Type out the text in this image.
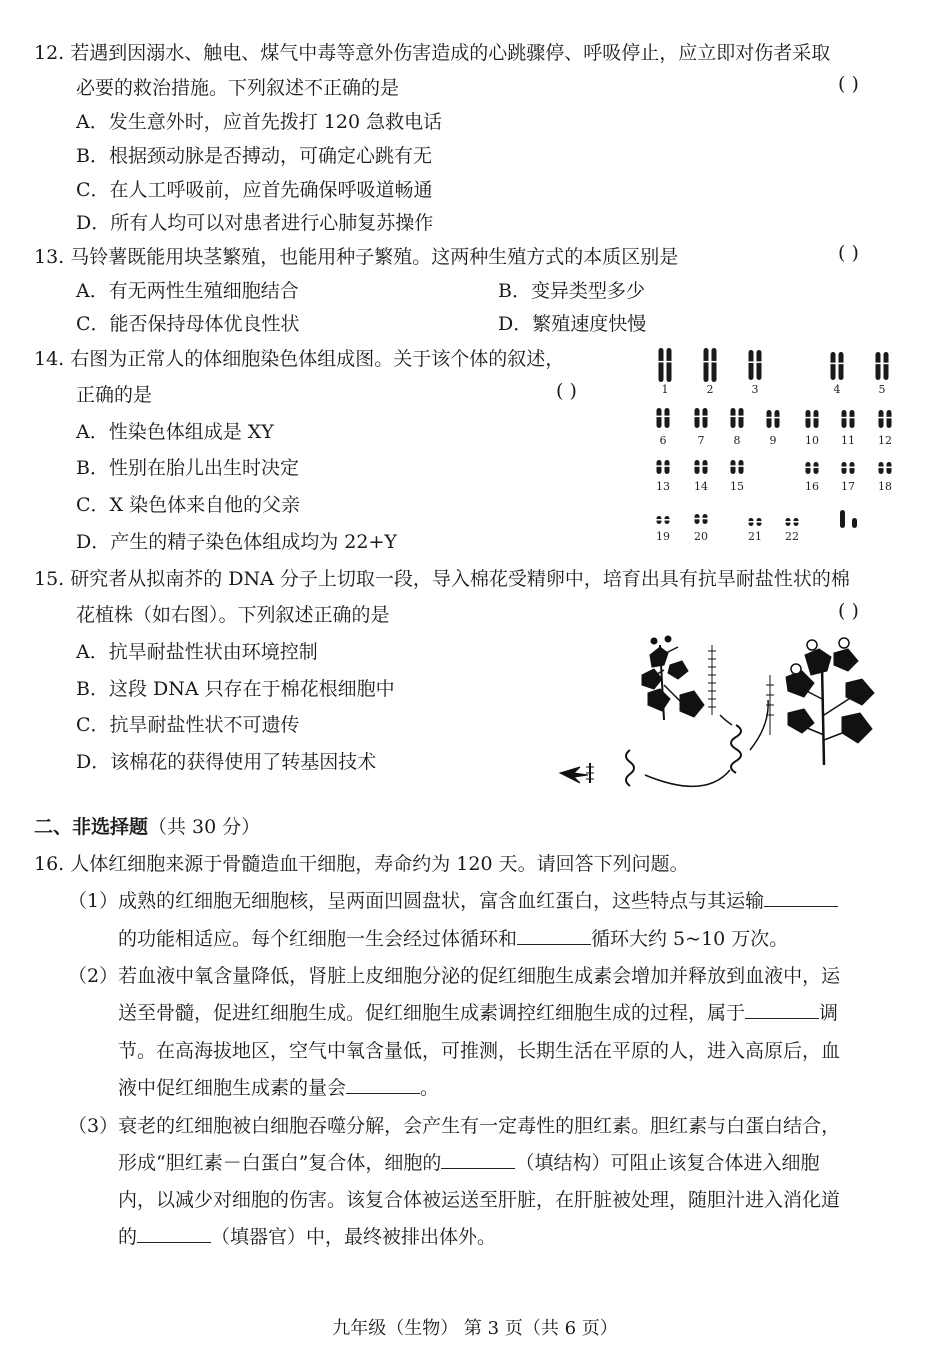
12. 若遇到因溺水、触电、煤气中毒等意外伤害造成的心跳骤停、呼吸停止，应立即对伤者采取
必要的救治措施。下列叙述不正确的是	( )
A．发生意外时，应首先拨打 120 急救电话
B．根据颈动脉是否搏动，可确定心跳有无
C．在人工呼吸前，应首先确保呼吸道畅通
D．所有人均可以对患者进行心肺复苏操作
13. 马铃薯既能用块茎繁殖，也能用种子繁殖。这两种生殖方式的本质区别是	( )
A．有无两性生殖细胞结合	B．变异类型多少
C．能否保持母体优良性状	D．繁殖速度快慢
14. 右图为正常人的体细胞染色体组成图。关于该个体的叙述，
正确的是	( )
A．性染色体组成是 XY
B．性别在胎儿出生时决定
C．X 染色体来自他的父亲
D．产生的精子染色体组成均为 22+Y
1	2	3	4	5
6	7	8	9	10 11 12
13 14 15	16 17 18
19 20	21 22
15. 研究者从拟南芥的 DNA 分子上切取一段，导入棉花受精卵中，培育出具有抗旱耐盐性状的棉
花植株（如右图）。下列叙述正确的是	( )
A．抗旱耐盐性状由环境控制
B．这段 DNA 只存在于棉花根细胞中
C．抗旱耐盐性状不可遗传
D．该棉花的获得使用了转基因技术
二、非选择题（共 30 分）
16. 人体红细胞来源于骨髓造血干细胞，寿命约为 120 天。请回答下列问题。
（1）成熟的红细胞无细胞核，呈两面凹圆盘状，富含血红蛋白，这些特点与其运输
的功能相适应。每个红细胞一生会经过体循环和	循环大约 5~10 万次。
（2）若血液中氧含量降低，肾脏上皮细胞分泌的促红细胞生成素会增加并释放到血液中，运
送至骨髓，促进红细胞生成。促红细胞生成素调控红细胞生成的过程，属于	调
节。在高海拔地区，空气中氧含量低，可推测，长期生活在平原的人，进入高原后，血
液中促红细胞生成素的量会	。
（3）衰老的红细胞被白细胞吞噬分解，会产生有一定毒性的胆红素。胆红素与白蛋白结合，
形成“胆红素－白蛋白”复合体，细胞的	（填结构）可阻止该复合体进入细胞
内，以减少对细胞的伤害。该复合体被运送至肝脏，在肝脏被处理，随胆汁进入消化道
的	（填器官）中，最终被排出体外。
九年级（生物） 第 3 页（共 6 页）
